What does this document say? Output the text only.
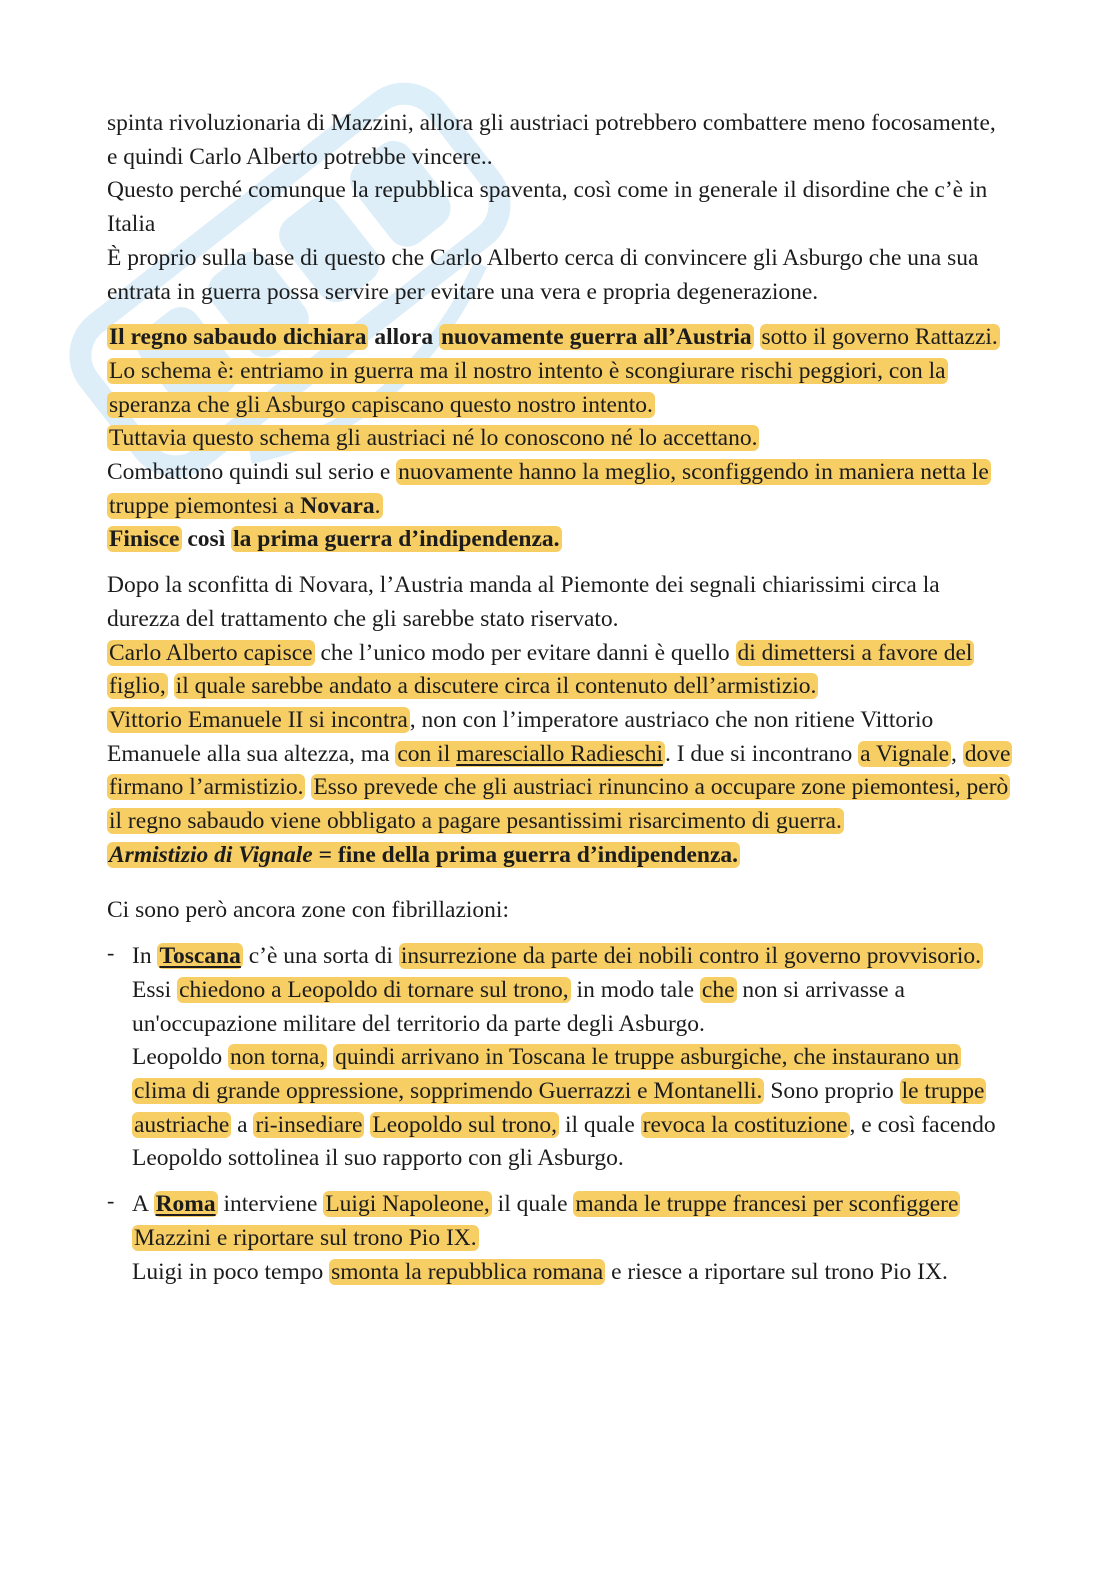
spinta rivoluzionaria di Mazzini, allora gli austriaci potrebbero combattere meno focosamente, e quindi Carlo Alberto potrebbe vincere..
Questo perché comunque la repubblica spaventa, così come in generale il disordine che c’è in Italia
È proprio sulla base di questo che Carlo Alberto cerca di convincere gli Asburgo che una sua entrata in guerra possa servire per evitare una vera e propria degenerazione.

Il regno sabaudo dichiara allora nuovamente guerra all’Austria sotto il governo Rattazzi. Lo schema è: entriamo in guerra ma il nostro intento è scongiurare rischi peggiori, con la speranza che gli Asburgo capiscano questo nostro intento.
Tuttavia questo schema gli austriaci né lo conoscono né lo accettano.
Combattono quindi sul serio e nuovamente hanno la meglio, sconfiggendo in maniera netta le truppe piemontesi a Novara.
Finisce così la prima guerra d’indipendenza.

Dopo la sconfitta di Novara, l’Austria manda al Piemonte dei segnali chiarissimi circa la durezza del trattamento che gli sarebbe stato riservato.
Carlo Alberto capisce che l’unico modo per evitare danni è quello di dimettersi a favore del figlio, il quale sarebbe andato a discutere circa il contenuto dell’armistizio.
Vittorio Emanuele II si incontra, non con l’imperatore austriaco che non ritiene Vittorio Emanuele alla sua altezza, ma con il maresciallo Radieschi. I due si incontrano a Vignale, dove firmano l’armistizio. Esso prevede che gli austriaci rinuncino a occupare zone piemontesi, però il regno sabaudo viene obbligato a pagare pesantissimi risarcimento di guerra.
Armistizio di Vignale = fine della prima guerra d’indipendenza.

Ci sono però ancora zone con fibrillazioni:

- In Toscana c’è una sorta di insurrezione da parte dei nobili contro il governo provvisorio. Essi chiedono a Leopoldo di tornare sul trono, in modo tale che non si arrivasse a un'occupazione militare del territorio da parte degli Asburgo.
Leopoldo non torna, quindi arrivano in Toscana le truppe asburgiche, che instaurano un clima di grande oppressione, sopprimendo Guerrazzi e Montanelli. Sono proprio le truppe austriache a ri-insediare Leopoldo sul trono, il quale revoca la costituzione, e così facendo Leopoldo sottolinea il suo rapporto con gli Asburgo.

- A Roma interviene Luigi Napoleone, il quale manda le truppe francesi per sconfiggere Mazzini e riportare sul trono Pio IX.
Luigi in poco tempo smonta la repubblica romana e riesce a riportare sul trono Pio IX.
